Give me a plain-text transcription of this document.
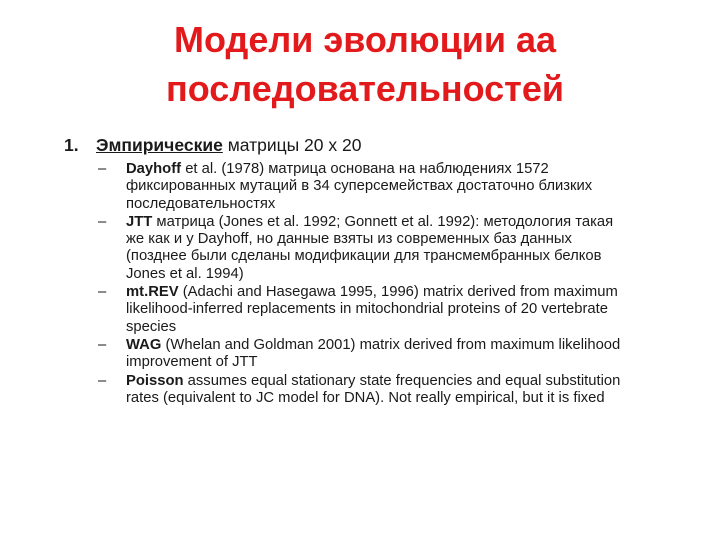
Модели эволюции аа
последовательностей
1. Эмпирические матрицы 20 х 20
– Dayhoff et al. (1978) матрица основана на наблюдениях 1572
фиксированных мутаций в 34 суперсемействах достаточно близких
последовательностях
– JTT матрица (Jones et al. 1992; Gonnett et al. 1992): методология такая
же как и у Dayhoff, но данные взяты из современных баз данных
(позднее были сделаны модификации для трансмембранных белков
Jones et al. 1994)
– mt.REV (Adachi and Hasegawa 1995, 1996) matrix derived from maximum
likelihood-inferred replacements in mitochondrial proteins of 20 vertebrate
species
– WAG (Whelan and Goldman 2001) matrix derived from maximum likelihood
improvement of JTT
– Poisson assumes equal stationary state frequencies and equal substitution
rates (equivalent to JC model for DNA). Not really empirical, but it is fixed
